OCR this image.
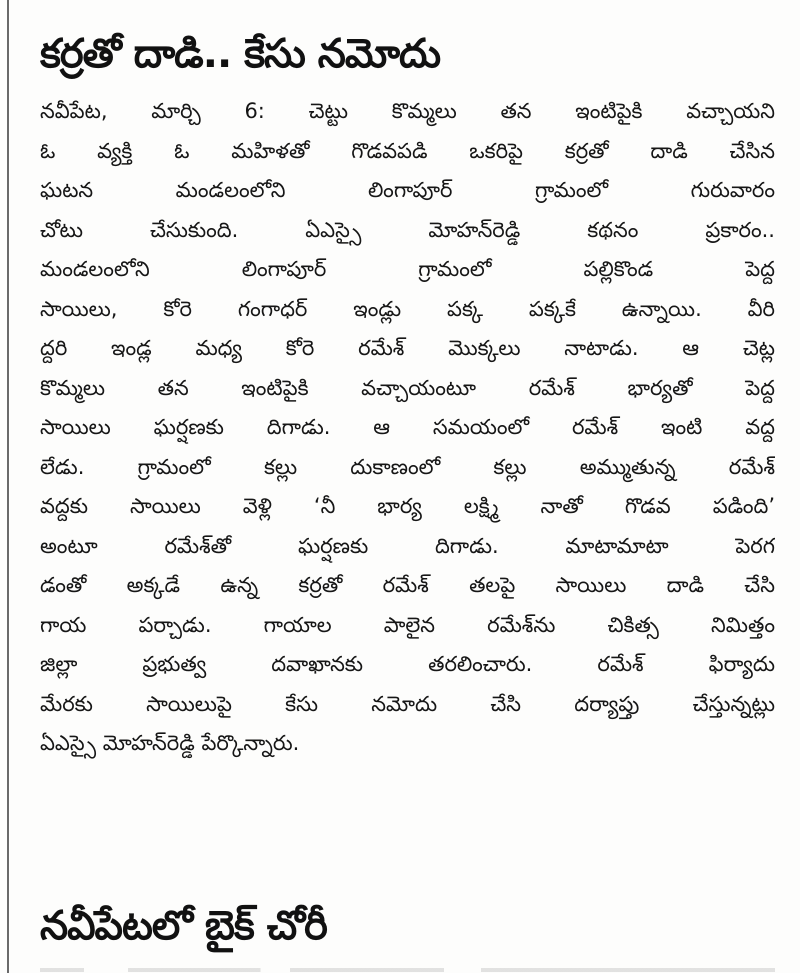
కర్రతో దాడి.. కేసు నమోదు
నవీపేట, మార్చి 6: చెట్టు కొమ్మలు తన ఇంటిపైకి వచ్చాయని
ఓ వ్యక్తి ఓ మహిళతో గొడవపడి ఒకరిపై కర్రతో దాడి చేసిన
ఘటన మండలంలోని లింగాపూర్ గ్రామంలో గురువారం
చోటు చేసుకుంది. ఏఎస్సై మోహన్‌రెడ్డి కథనం ప్రకారం..
మండలంలోని లింగాపూర్ గ్రామంలో పల్లికొండ పెద్ద
సాయిలు, కోరె గంగాధర్ ఇండ్లు పక్క పక్కకే ఉన్నాయి. వీరి
ద్దరి ఇండ్ల మధ్య కోరె రమేశ్ మొక్కలు నాటాడు. ఆ చెట్ల
కొమ్మలు తన ఇంటిపైకి వచ్చాయంటూ రమేశ్ భార్యతో పెద్ద
సాయిలు ఘర్షణకు దిగాడు. ఆ సమయంలో రమేశ్ ఇంటి వద్ద
లేడు. గ్రామంలో కల్లు దుకాణంలో కల్లు అమ్ముతున్న రమేశ్
వద్దకు సాయిలు వెళ్లి ‘నీ భార్య లక్ష్మి నాతో గొడవ పడింది’
అంటూ రమేశ్‌తో ఘర్షణకు దిగాడు. మాటామాటా పెరగ
డంతో అక్కడే ఉన్న కర్రతో రమేశ్ తలపై సాయిలు దాడి చేసి
గాయ పర్చాడు. గాయాల పాలైన రమేశ్‌ను చికిత్స నిమిత్తం
జిల్లా ప్రభుత్వ దవాఖానకు తరలించారు. రమేశ్ ఫిర్యాదు
మేరకు సాయిలుపై కేసు నమోదు చేసి దర్యాప్తు చేస్తున్నట్లు
ఏఎస్సై మోహన్‌రెడ్డి పేర్కొన్నారు.
నవీపేటలో బైక్ చోరీ
